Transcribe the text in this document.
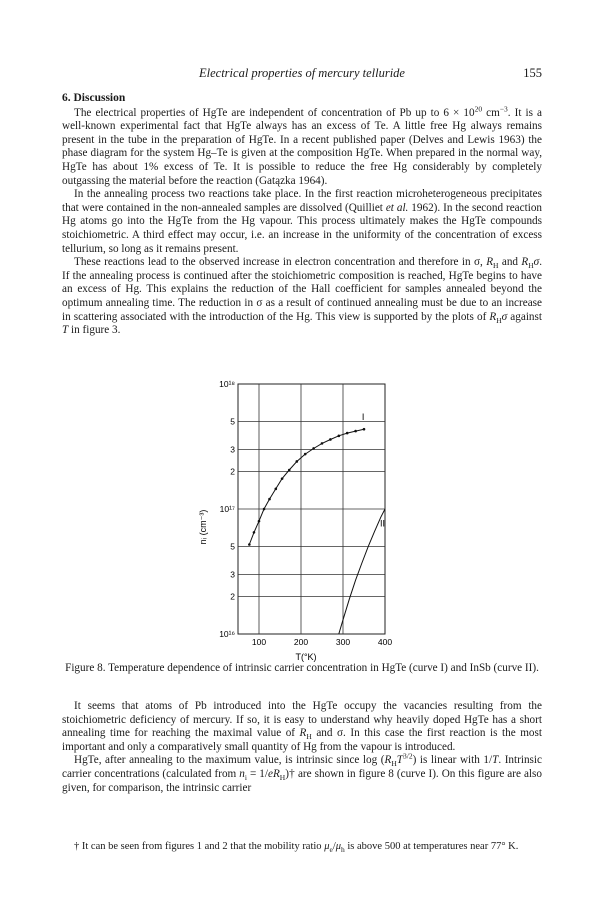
Electrical properties of mercury telluride	155
6. Discussion

The electrical properties of HgTe are independent of concentration of Pb up to $6 \times 10^{20}$ $cm^{-3}$. It is a well-known experimental fact that HgTe always has an excess of Te. A little free Hg always remains present in the tube in the preparation of HgTe. In a recent published paper (Delves and Lewis 1963) the phase diagram for the system Hg–Te is given at the composition HgTe. When prepared in the normal way, HgTe has about 1% excess of Te. It is possible to reduce the free Hg considerably by completely outgassing the material before the reaction (Gatązka 1964).

In the annealing process two reactions take place. In the first reaction microheterogeneous precipitates that were contained in the non-annealed samples are dissolved (Quilliet et al. 1962). In the second reaction Hg atoms go into the HgTe from the Hg vapour. This process ultimately makes the HgTe compounds stoichiometric. A third effect may occur, i.e. an increase in the uniformity of the concentration of excess tellurium, so long as it remains present.

These reactions lead to the observed increase in electron concentration and therefore in σ, $R_H$ and $R_H\sigma$. If the annealing process is continued after the stoichiometric composition is reached, HgTe begins to have an excess of Hg. This explains the reduction of the Hall coefficient for samples annealed beyond the optimum annealing time. The reduction in σ as a result of continued annealing must be due to an increase in scattering associated with the introduction of the Hg. This view is supported by the plots of $R_H\sigma$ against T in figure 3.

100	200	300	400
10¹⁶
2
3
5
10¹⁷
2
3
5
10¹⁸
I
II
nᵢ (cm⁻³)
T(°K)
Figure 8. Temperature dependence of intrinsic carrier concentration in HgTe (curve I) and InSb (curve II).

It seems that atoms of Pb introduced into the HgTe occupy the vacancies resulting from the stoichiometric deficiency of mercury. If so, it is easy to understand why heavily doped HgTe has a short annealing time for reaching the maximal value of $R_H$ and σ. In this case the first reaction is the most important and only a comparatively small quantity of Hg from the vapour is introduced.

HgTe, after annealing to the maximum value, is intrinsic since $\log (R_HT^{3/2})$ is linear with 1/T. Intrinsic carrier concentrations (calculated from $n_i$ = $1/eR_H)\dagger$ are shown in figure 8 (curve I). On this figure are also given, for comparison, the intrinsic carrier

† It can be seen from figures 1 and 2 that the mobility ratio $\mu_e/\mu_h$ is above 500 at temperatures near 77° K.
